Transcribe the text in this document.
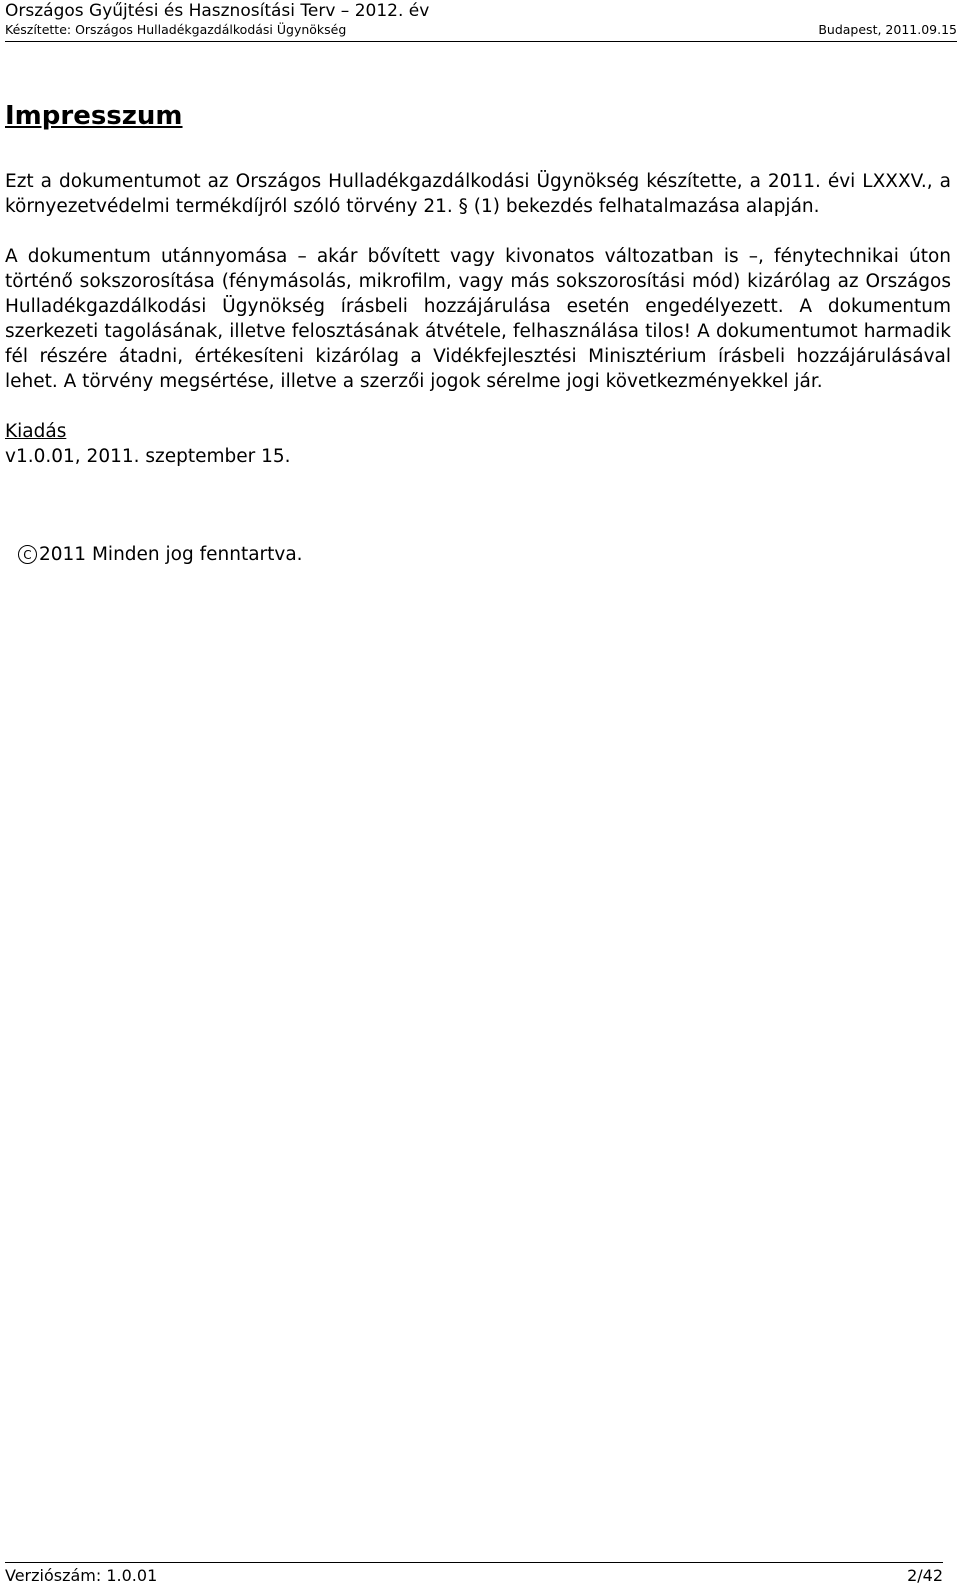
Országos Gyűjtési és Hasznosítási Terv – 2012. év
Készítette: Országos Hulladékgazdálkodási Ügynökség	Budapest, 2011.09.15
Impresszum

Ezt a dokumentumot az Országos Hulladékgazdálkodási Ügynökség készítette, a 2011. évi LXXXV., a környezetvédelmi termékdíjról szóló törvény 21. § (1) bekezdés felhatalmazása alapján.

A dokumentum utánnyomása – akár bővített vagy kivonatos változatban is –, fénytechnikai úton történő sokszorosítása (fénymásolás, mikrofilm, vagy más sokszorosítási mód) kizárólag az Országos Hulladékgazdálkodási Ügynökség írásbeli hozzájárulása esetén engedélyezett. A dokumentum szerkezeti tagolásának, illetve felosztásának átvétele, felhasználása tilos! A dokumentumot harmadik fél részére átadni, értékesíteni kizárólag a Vidékfejlesztési Minisztérium írásbeli hozzájárulásával lehet. A törvény megsértése, illetve a szerzői jogok sérelme jogi következményekkel jár.

Kiadás
v1.0.01, 2011. szeptember 15.
C 2011 Minden jog fenntartva.
Verziószám: 1.0.01	2/42
